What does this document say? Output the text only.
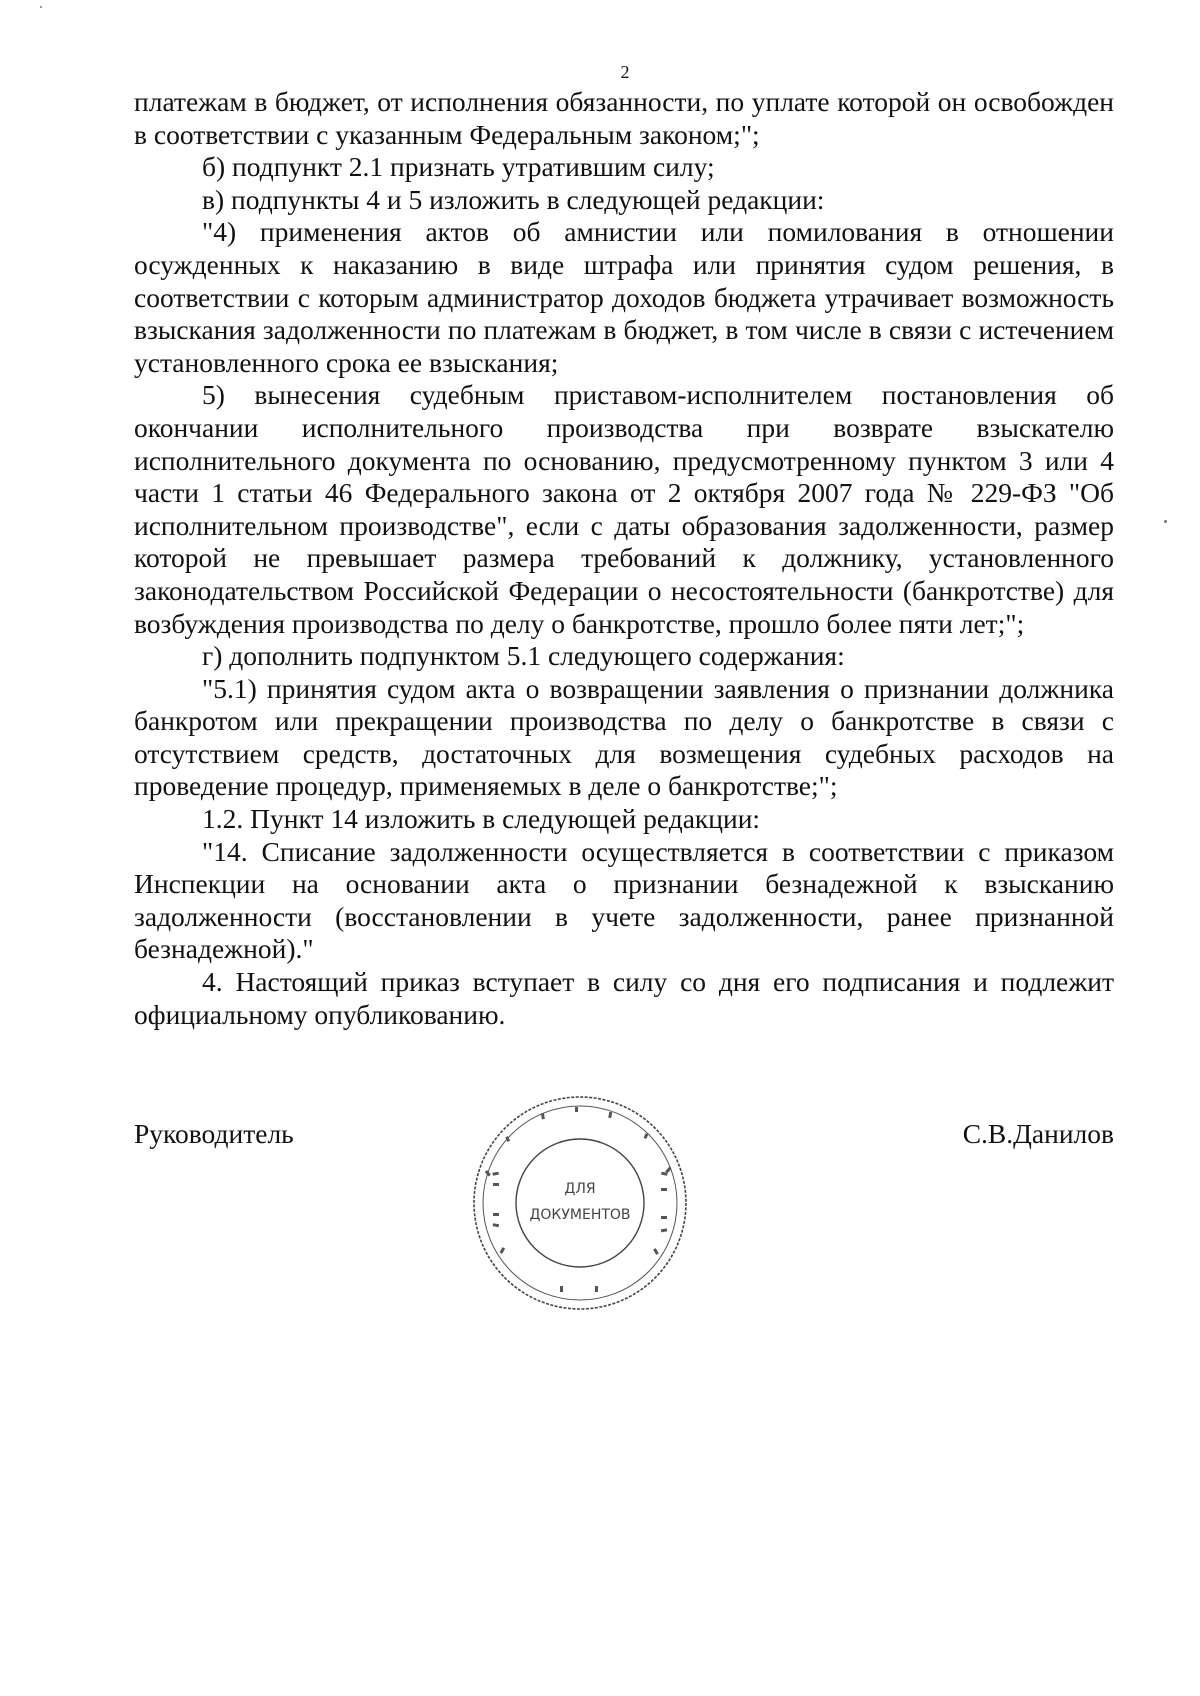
2

платежам в бюджет, от исполнения обязанности, по уплате которой он освобожден в соответствии с указанным Федеральным законом;";

б) подпункт 2.1 признать утратившим силу;

в) подпункты 4 и 5 изложить в следующей редакции:

"4) применения актов об амнистии или помилования в отношении осужденных к наказанию в виде штрафа или принятия судом решения, в соответствии с которым администратор доходов бюджета утрачивает возможность взыскания задолженности по платежам в бюджет, в том числе в связи с истечением установленного срока ее взыскания;

5) вынесения судебным приставом-исполнителем постановления об окончании исполнительного производства при возврате взыскателю исполнительного документа по основанию, предусмотренному пунктом 3 или 4 части 1 статьи 46 Федерального закона от 2 октября 2007 года № 229-ФЗ "Об исполнительном производстве", если с даты образования задолженности, размер которой не превышает размера требований к должнику, установленного законодательством Российской Федерации о несостоятельности (банкротстве) для возбуждения производства по делу о банкротстве, прошло более пяти лет;";

г) дополнить подпунктом 5.1 следующего содержания:

"5.1) принятия судом акта о возвращении заявления о признании должника банкротом или прекращении производства по делу о банкротстве в связи с отсутствием средств, достаточных для возмещения судебных расходов на проведение процедур, применяемых в деле о банкротстве;";

1.2. Пункт 14 изложить в следующей редакции:

"14. Списание задолженности осуществляется в соответствии с приказом Инспекции на основании акта о признании безнадежной к взысканию задолженности (восстановлении в учете задолженности, ранее признанной безнадежной)."

4. Настоящий приказ вступает в силу со дня его подписания и подлежит официальному опубликованию.

Руководитель	С.В.Данилов
ДЛЯ
ДОКУМЕНТОВ
